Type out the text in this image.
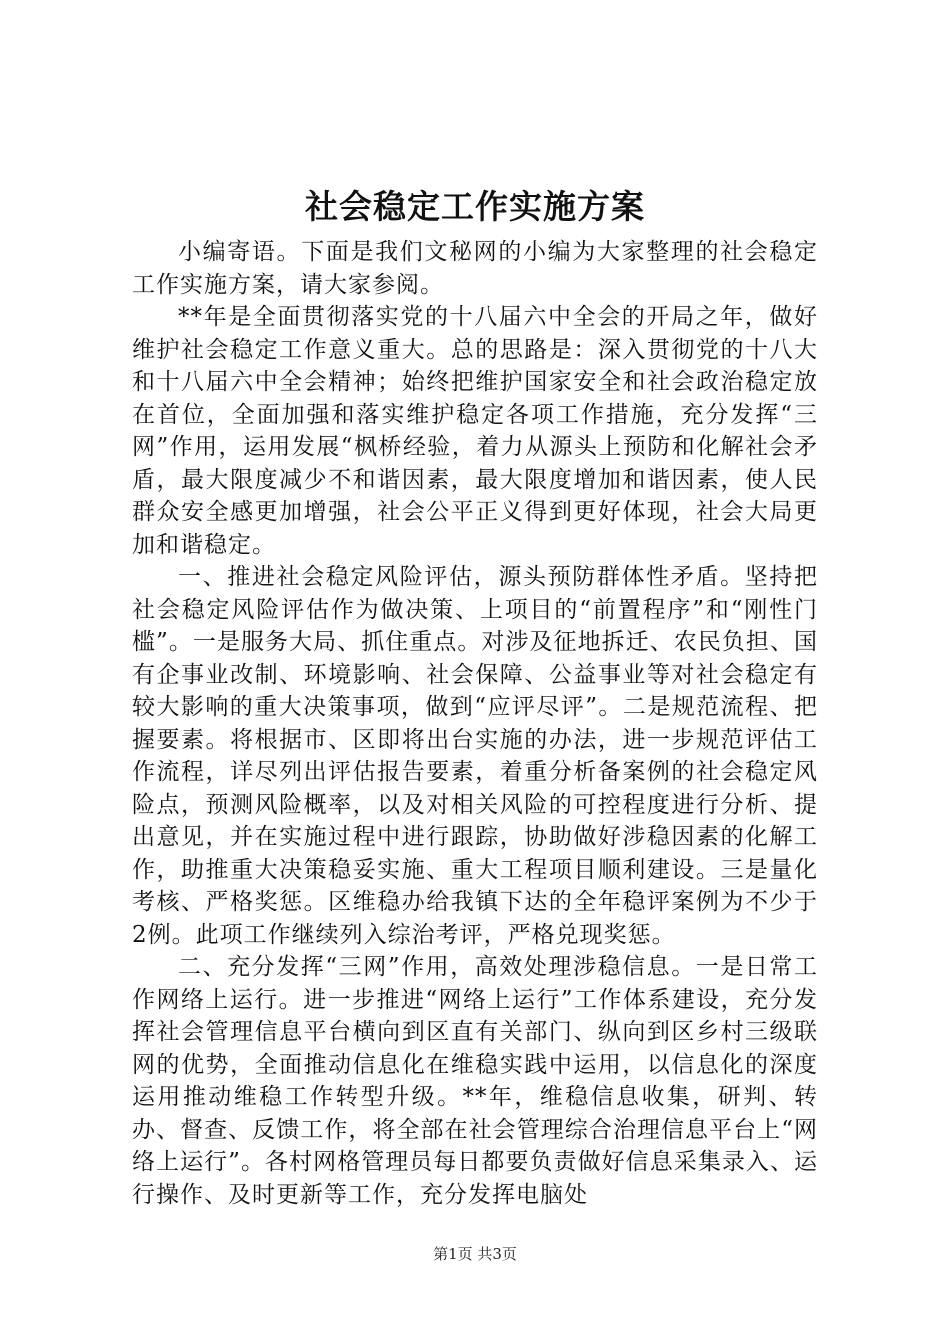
社会稳定工作实施方案

小编寄语。下面是我们文秘网的小编为大家整理的社会稳定工作实施方案，请大家参阅。

**年是全面贯彻落实党的十八届六中全会的开局之年，做好维护社会稳定工作意义重大。总的思路是：深入贯彻党的十八大和十八届六中全会精神；始终把维护国家安全和社会政治稳定放在首位，全面加强和落实维护稳定各项工作措施，充分发挥“三网”作用，运用发展“枫桥经验，着力从源头上预防和化解社会矛盾，最大限度减少不和谐因素，最大限度增加和谐因素，使人民群众安全感更加增强，社会公平正义得到更好体现，社会大局更加和谐稳定。

一、推进社会稳定风险评估，源头预防群体性矛盾。坚持把社会稳定风险评估作为做决策、上项目的“前置程序”和“刚性门槛”。一是服务大局、抓住重点。对涉及征地拆迁、农民负担、国有企事业改制、环境影响、社会保障、公益事业等对社会稳定有较大影响的重大决策事项，做到“应评尽评”。二是规范流程、把握要素。将根据市、区即将出台实施的办法，进一步规范评估工作流程，详尽列出评估报告要素，着重分析备案例的社会稳定风险点，预测风险概率，以及对相关风险的可控程度进行分析、提出意见，并在实施过程中进行跟踪，协助做好涉稳因素的化解工作，助推重大决策稳妥实施、重大工程项目顺利建设。三是量化考核、严格奖惩。区维稳办给我镇下达的全年稳评案例为不少于2例。此项工作继续列入综治考评，严格兑现奖惩。

二、充分发挥“三网”作用，高效处理涉稳信息。一是日常工作网络上运行。进一步推进“网络上运行”工作体系建设，充分发挥社会管理信息平台横向到区直有关部门、纵向到区乡村三级联网的优势，全面推动信息化在维稳实践中运用，以信息化的深度运用推动维稳工作转型升级。**年，维稳信息收集，研判、转办、督查、反馈工作，将全部在社会管理综合治理信息平台上“网络上运行”。各村网格管理员每日都要负责做好信息采集录入、运行操作、及时更新等工作，充分发挥电脑处

第1页 共3页
